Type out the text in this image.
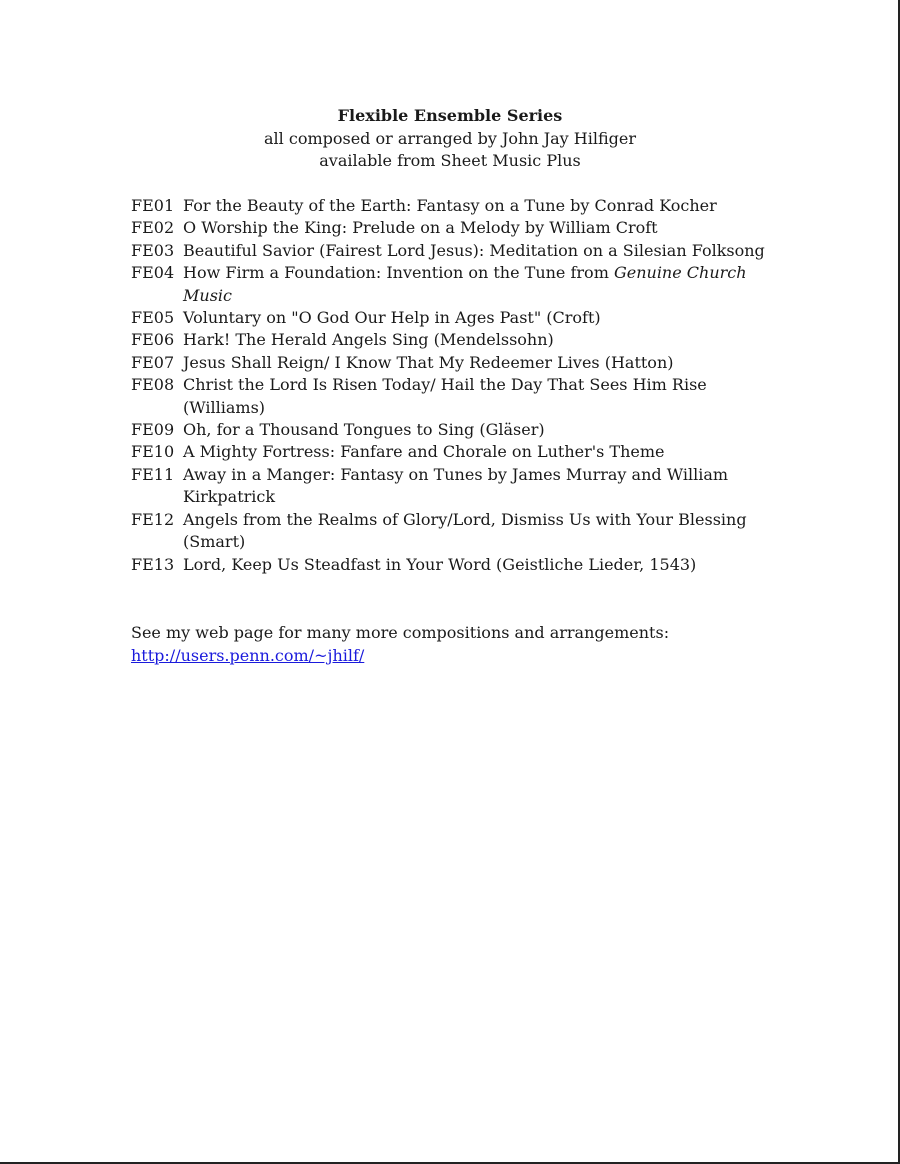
Flexible Ensemble Series
all composed or arranged by John Jay Hilfiger
available from Sheet Music Plus
FE01 For the Beauty of the Earth: Fantasy on a Tune by Conrad Kocher
FE02 O Worship the King: Prelude on a Melody by William Croft
FE03 Beautiful Savior (Fairest Lord Jesus): Meditation on a Silesian Folksong
FE04 How Firm a Foundation: Invention on the Tune from Genuine Church Music
FE05 Voluntary on "O God Our Help in Ages Past" (Croft)
FE06 Hark! The Herald Angels Sing (Mendelssohn)
FE07 Jesus Shall Reign/ I Know That My Redeemer Lives (Hatton)
FE08 Christ the Lord Is Risen Today/ Hail the Day That Sees Him Rise (Williams)
FE09 Oh, for a Thousand Tongues to Sing (Gläser)
FE10 A Mighty Fortress: Fanfare and Chorale on Luther's Theme
FE11 Away in a Manger: Fantasy on Tunes by James Murray and William Kirkpatrick
FE12 Angels from the Realms of Glory/Lord, Dismiss Us with Your Blessing (Smart)
FE13 Lord, Keep Us Steadfast in Your Word (Geistliche Lieder, 1543)
See my web page for many more compositions and arrangements:
http://users.penn.com/~jhilf/
